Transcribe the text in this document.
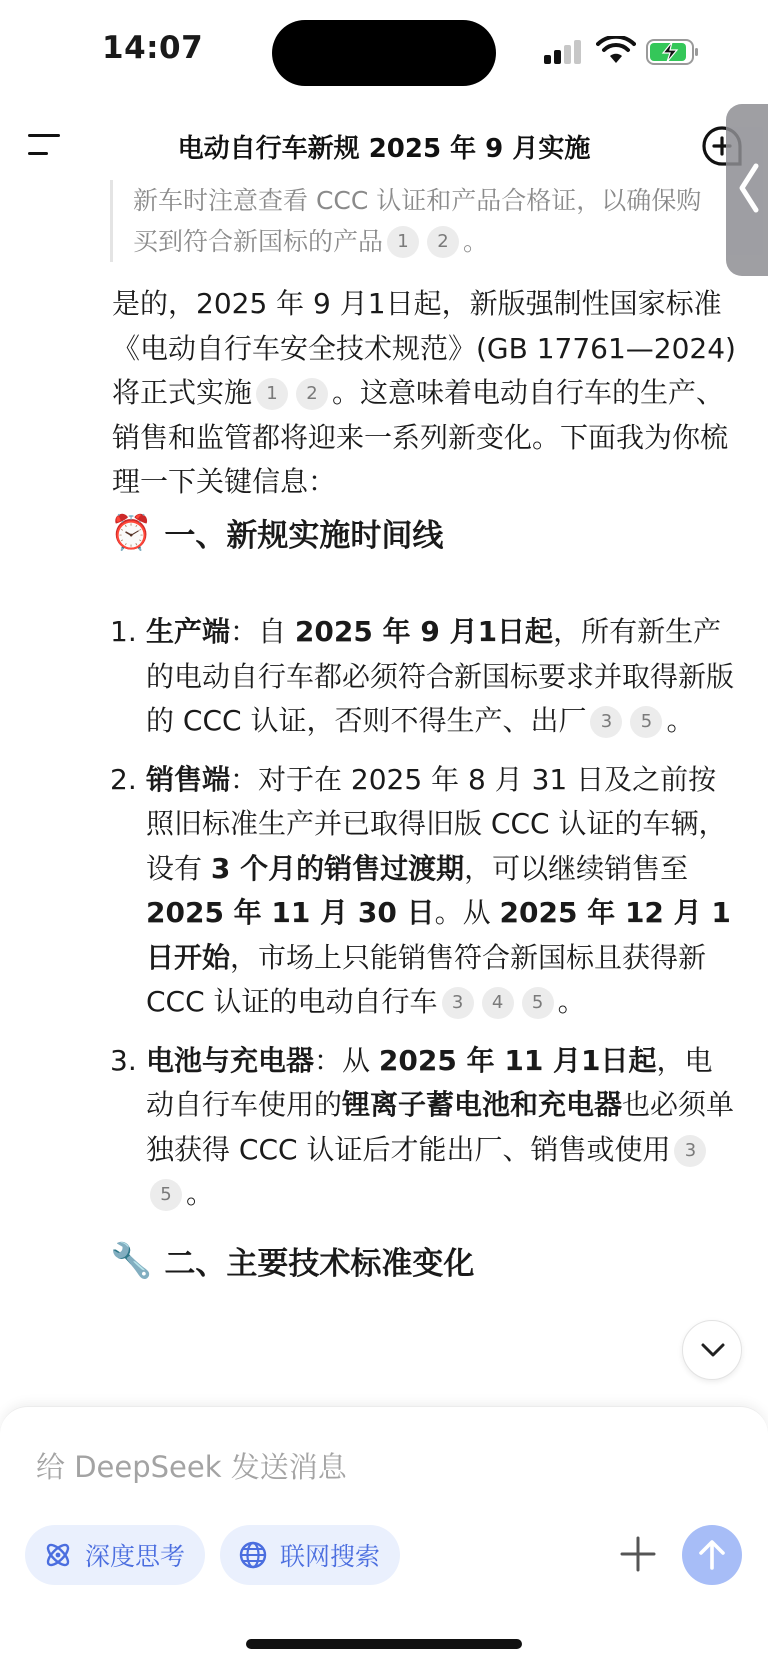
14:07
电动自行车新规 2025 年 9 月实施
新车时注意查看 CCC 认证和产品合格证，以确保购买到符合新国标的产品 1 2 。
是的，2025 年 9 月1日起，新版强制性国家标准《电动自行车安全技术规范》(GB 17761—2024) 将正式实施 1 2 。这意味着电动自行车的生产、销售和监管都将迎来一系列新变化。下面我为你梳理一下关键信息：
⏰ 一、新规实施时间线
1. 生产端：自 2025 年 9 月1日起，所有新生产的电动自行车都必须符合新国标要求并取得新版的 CCC 认证，否则不得生产、出厂 3 5 。
2. 销售端：对于在 2025 年 8 月 31 日及之前按照旧标准生产并已取得旧版 CCC 认证的车辆，设有 3 个月的销售过渡期，可以继续销售至 2025 年 11 月 30 日。从 2025 年 12 月 1 日开始，市场上只能销售符合新国标且获得新 CCC 认证的电动自行车 3 4 5 。
3. 电池与充电器：从 2025 年 11 月1日起，电动自行车使用的锂离子蓄电池和充电器也必须单独获得 CCC 认证后才能出厂、销售或使用 35 。
🔧 二、主要技术标准变化
给 DeepSeek 发送消息
深度思考	联网搜索
